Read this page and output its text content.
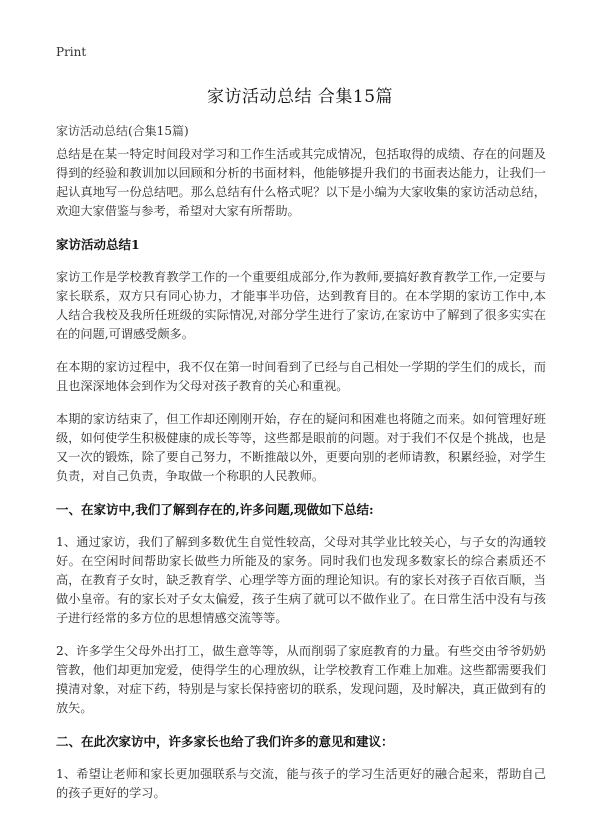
Print
家访活动总结 合集15篇
家访活动总结(合集15篇)

总结是在某一特定时间段对学习和工作生活或其完成情况，包括取得的成绩、存在的问题及得到的经验和教训加以回顾和分析的书面材料，他能够提升我们的书面表达能力，让我们一起认真地写一份总结吧。那么总结有什么格式呢？以下是小编为大家收集的家访活动总结，欢迎大家借鉴与参考，希望对大家有所帮助。

家访活动总结1

家访工作是学校教育教学工作的一个重要组成部分,作为教师,要搞好教育教学工作,一定要与家长联系，双方只有同心协力，才能事半功倍，达到教育目的。在本学期的家访工作中,本人结合我校及我所任班级的实际情况,对部分学生进行了家访,在家访中了解到了很多实实在在的问题,可谓感受颇多。

在本期的家访过程中，我不仅在第一时间看到了已经与自己相处一学期的学生们的成长，而且也深深地体会到作为父母对孩子教育的关心和重视。

本期的家访结束了，但工作却还刚刚开始，存在的疑问和困难也将随之而来。如何管理好班级，如何使学生积极健康的成长等等，这些都是眼前的问题。对于我们不仅是个挑战，也是又一次的锻炼，除了要自己努力，不断推敲以外，更要向别的老师请教，积累经验，对学生负责，对自己负责，争取做一个称职的人民教师。

一、在家访中,我们了解到存在的,许多问题,现做如下总结:

1、通过家访，我们了解到多数优生自觉性较高，父母对其学业比较关心，与子女的沟通较好。在空闲时间帮助家长做些力所能及的家务。同时我们也发现多数家长的综合素质还不高，在教育子女时，缺乏教育学、心理学等方面的理论知识。有的家长对孩子百依百顺，当做小皇帝。有的家长对子女太偏爱，孩子生病了就可以不做作业了。在日常生活中没有与孩子进行经常的多方位的思想情感交流等等。

2、许多学生父母外出打工，做生意等等，从而削弱了家庭教育的力量。有些交由爷爷奶奶管教，他们却更加宠爱，使得学生的心理放纵，让学校教育工作难上加难。这些都需要我们摸清对象，对症下药，特别是与家长保持密切的联系，发现问题，及时解决，真正做到有的放矢。

二、在此次家访中，许多家长也给了我们许多的意见和建议：

1、希望让老师和家长更加强联系与交流，能与孩子的学习生活更好的融合起来，帮助自己的孩子更好的学习。
